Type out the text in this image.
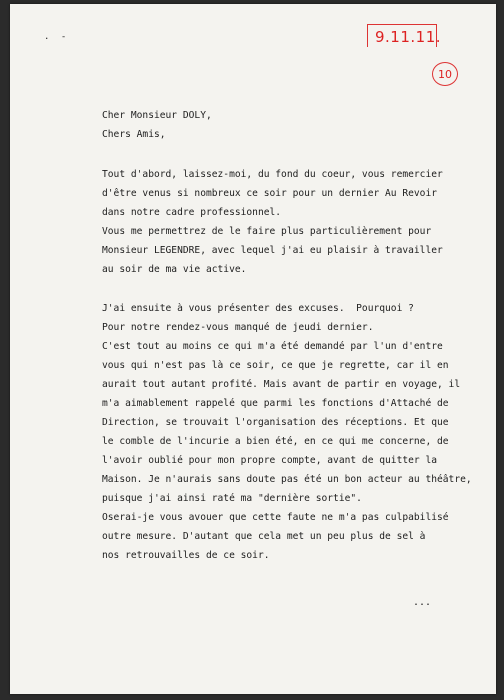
. -	9.11.11.
10

Cher Monsieur DOLY,

Chers Amis,

Tout d'abord, laissez-moi, du fond du coeur, vous remercier

d'être venus si nombreux ce soir pour un dernier Au Revoir

dans notre cadre professionnel.

Vous me permettrez de le faire plus particulièrement pour

Monsieur LEGENDRE, avec lequel j'ai eu plaisir à travailler

au soir de ma vie active.

J'ai ensuite à vous présenter des excuses.  Pourquoi ?

Pour notre rendez-vous manqué de jeudi dernier.

C'est tout au moins ce qui m'a été demandé par l'un d'entre

vous qui n'est pas là ce soir, ce que je regrette, car il en

aurait tout autant profité. Mais avant de partir en voyage, il

m'a aimablement rappelé que parmi les fonctions d'Attaché de

Direction, se trouvait l'organisation des réceptions. Et que

le comble de l'incurie a bien été, en ce qui me concerne, de

l'avoir oublié pour mon propre compte, avant de quitter la

Maison. Je n'aurais sans doute pas été un bon acteur au théâtre,

puisque j'ai ainsi raté ma "dernière sortie".

Oserai-je vous avouer que cette faute ne m'a pas culpabilisé

outre mesure. D'autant que cela met un peu plus de sel à

nos retrouvailles de ce soir.

...
